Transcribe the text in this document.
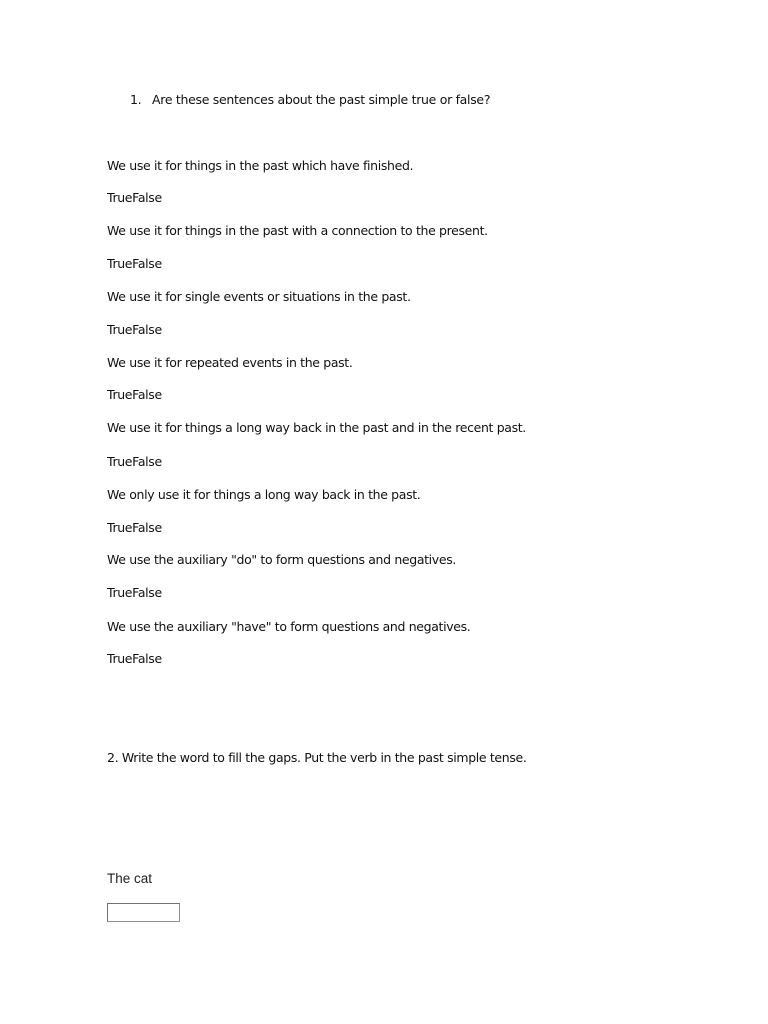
1. Are these sentences about the past simple true or false?
We use it for things in the past which have finished.
TrueFalse
We use it for things in the past with a connection to the present.
TrueFalse
We use it for single events or situations in the past.
TrueFalse
We use it for repeated events in the past.
TrueFalse
We use it for things a long way back in the past and in the recent past.
TrueFalse
We only use it for things a long way back in the past.
TrueFalse
We use the auxiliary "do" to form questions and negatives.
TrueFalse
We use the auxiliary "have" to form questions and negatives.
TrueFalse
2. Write the word to fill the gaps. Put the verb in the past simple tense.
The cat
